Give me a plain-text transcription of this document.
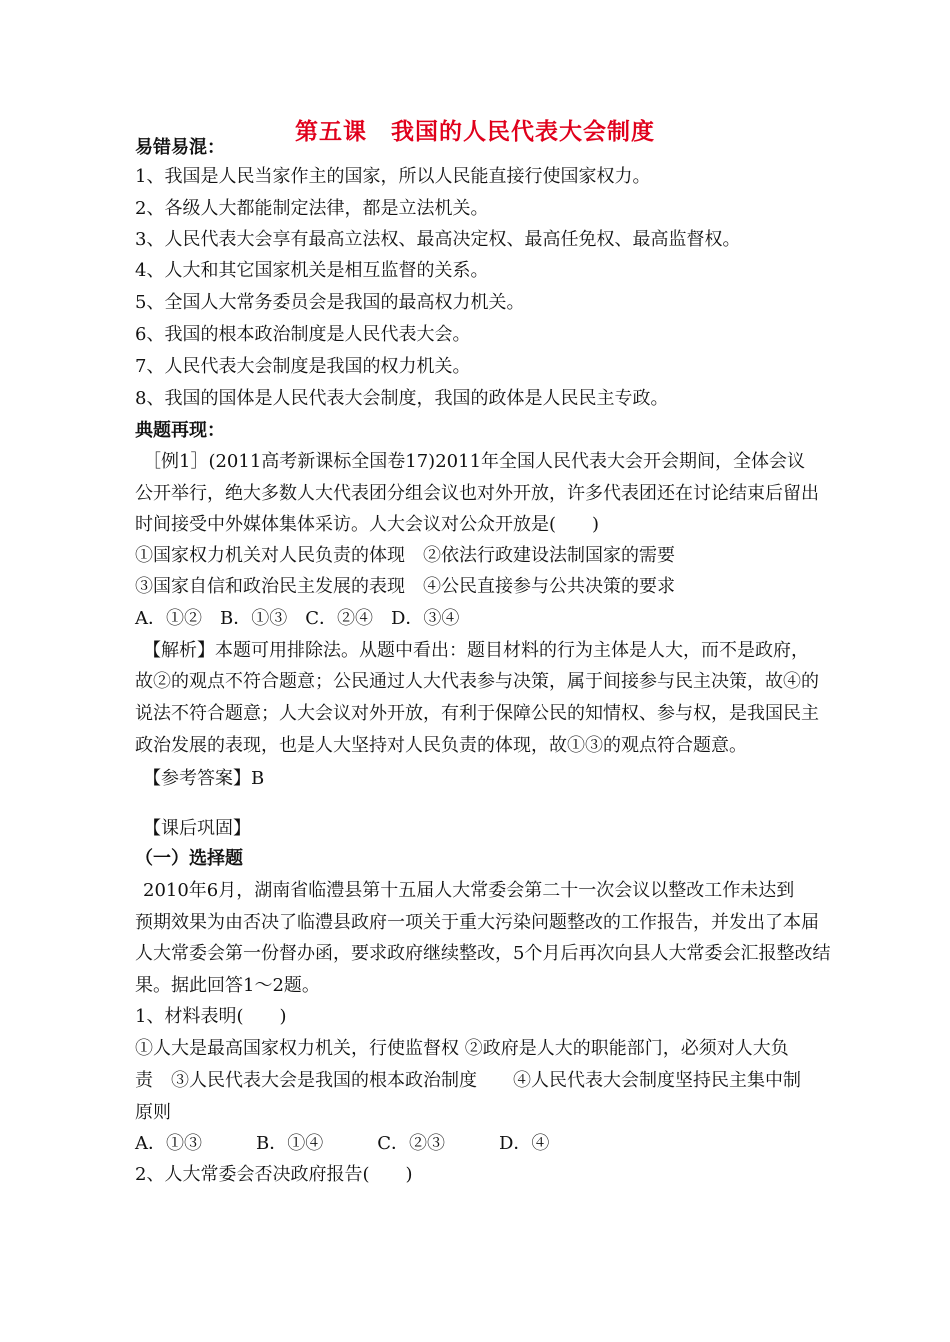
第五课　我国的人民代表大会制度
易错易混：
1、我国是人民当家作主的国家，所以人民能直接行使国家权力。
2、各级人大都能制定法律，都是立法机关。
3、人民代表大会享有最高立法权、最高决定权、最高任免权、最高监督权。
4、人大和其它国家机关是相互监督的关系。
5、全国人大常务委员会是我国的最高权力机关。
6、我国的根本政治制度是人民代表大会。
7、人民代表大会制度是我国的权力机关。
8、我国的国体是人民代表大会制度，我国的政体是人民民主专政。
典题再现：
［例1］(2011高考新课标全国卷17)2011年全国人民代表大会开会期间，全体会议
公开举行，绝大多数人大代表团分组会议也对外开放，许多代表团还在讨论结束后留出
时间接受中外媒体集体采访。人大会议对公众开放是(　　)
①国家权力机关对人民负责的体现　②依法行政建设法制国家的需要
③国家自信和政治民主发展的表现　④公民直接参与公共决策的要求
A．①②　B．①③　C．②④　D．③④
【解析】本题可用排除法。从题中看出：题目材料的行为主体是人大，而不是政府，
故②的观点不符合题意；公民通过人大代表参与决策，属于间接参与民主决策，故④的
说法不符合题意；人大会议对外开放，有利于保障公民的知情权、参与权，是我国民主
政治发展的表现，也是人大坚持对人民负责的体现，故①③的观点符合题意。
【参考答案】B
【课后巩固】
（一）选择题
2010年6月，湖南省临澧县第十五届人大常委会第二十一次会议以整改工作未达到
预期效果为由否决了临澧县政府一项关于重大污染问题整改的工作报告，并发出了本届
人大常委会第一份督办函，要求政府继续整改，5个月后再次向县人大常委会汇报整改结
果。据此回答1～2题。
1、材料表明(　　)
①人大是最高国家权力机关，行使监督权 ②政府是人大的职能部门，必须对人大负
责　③人民代表大会是我国的根本政治制度　　④人民代表大会制度坚持民主集中制
原则
A．①③　　　B．①④　　　C．②③　　　D．④
2、人大常委会否决政府报告(　　)
